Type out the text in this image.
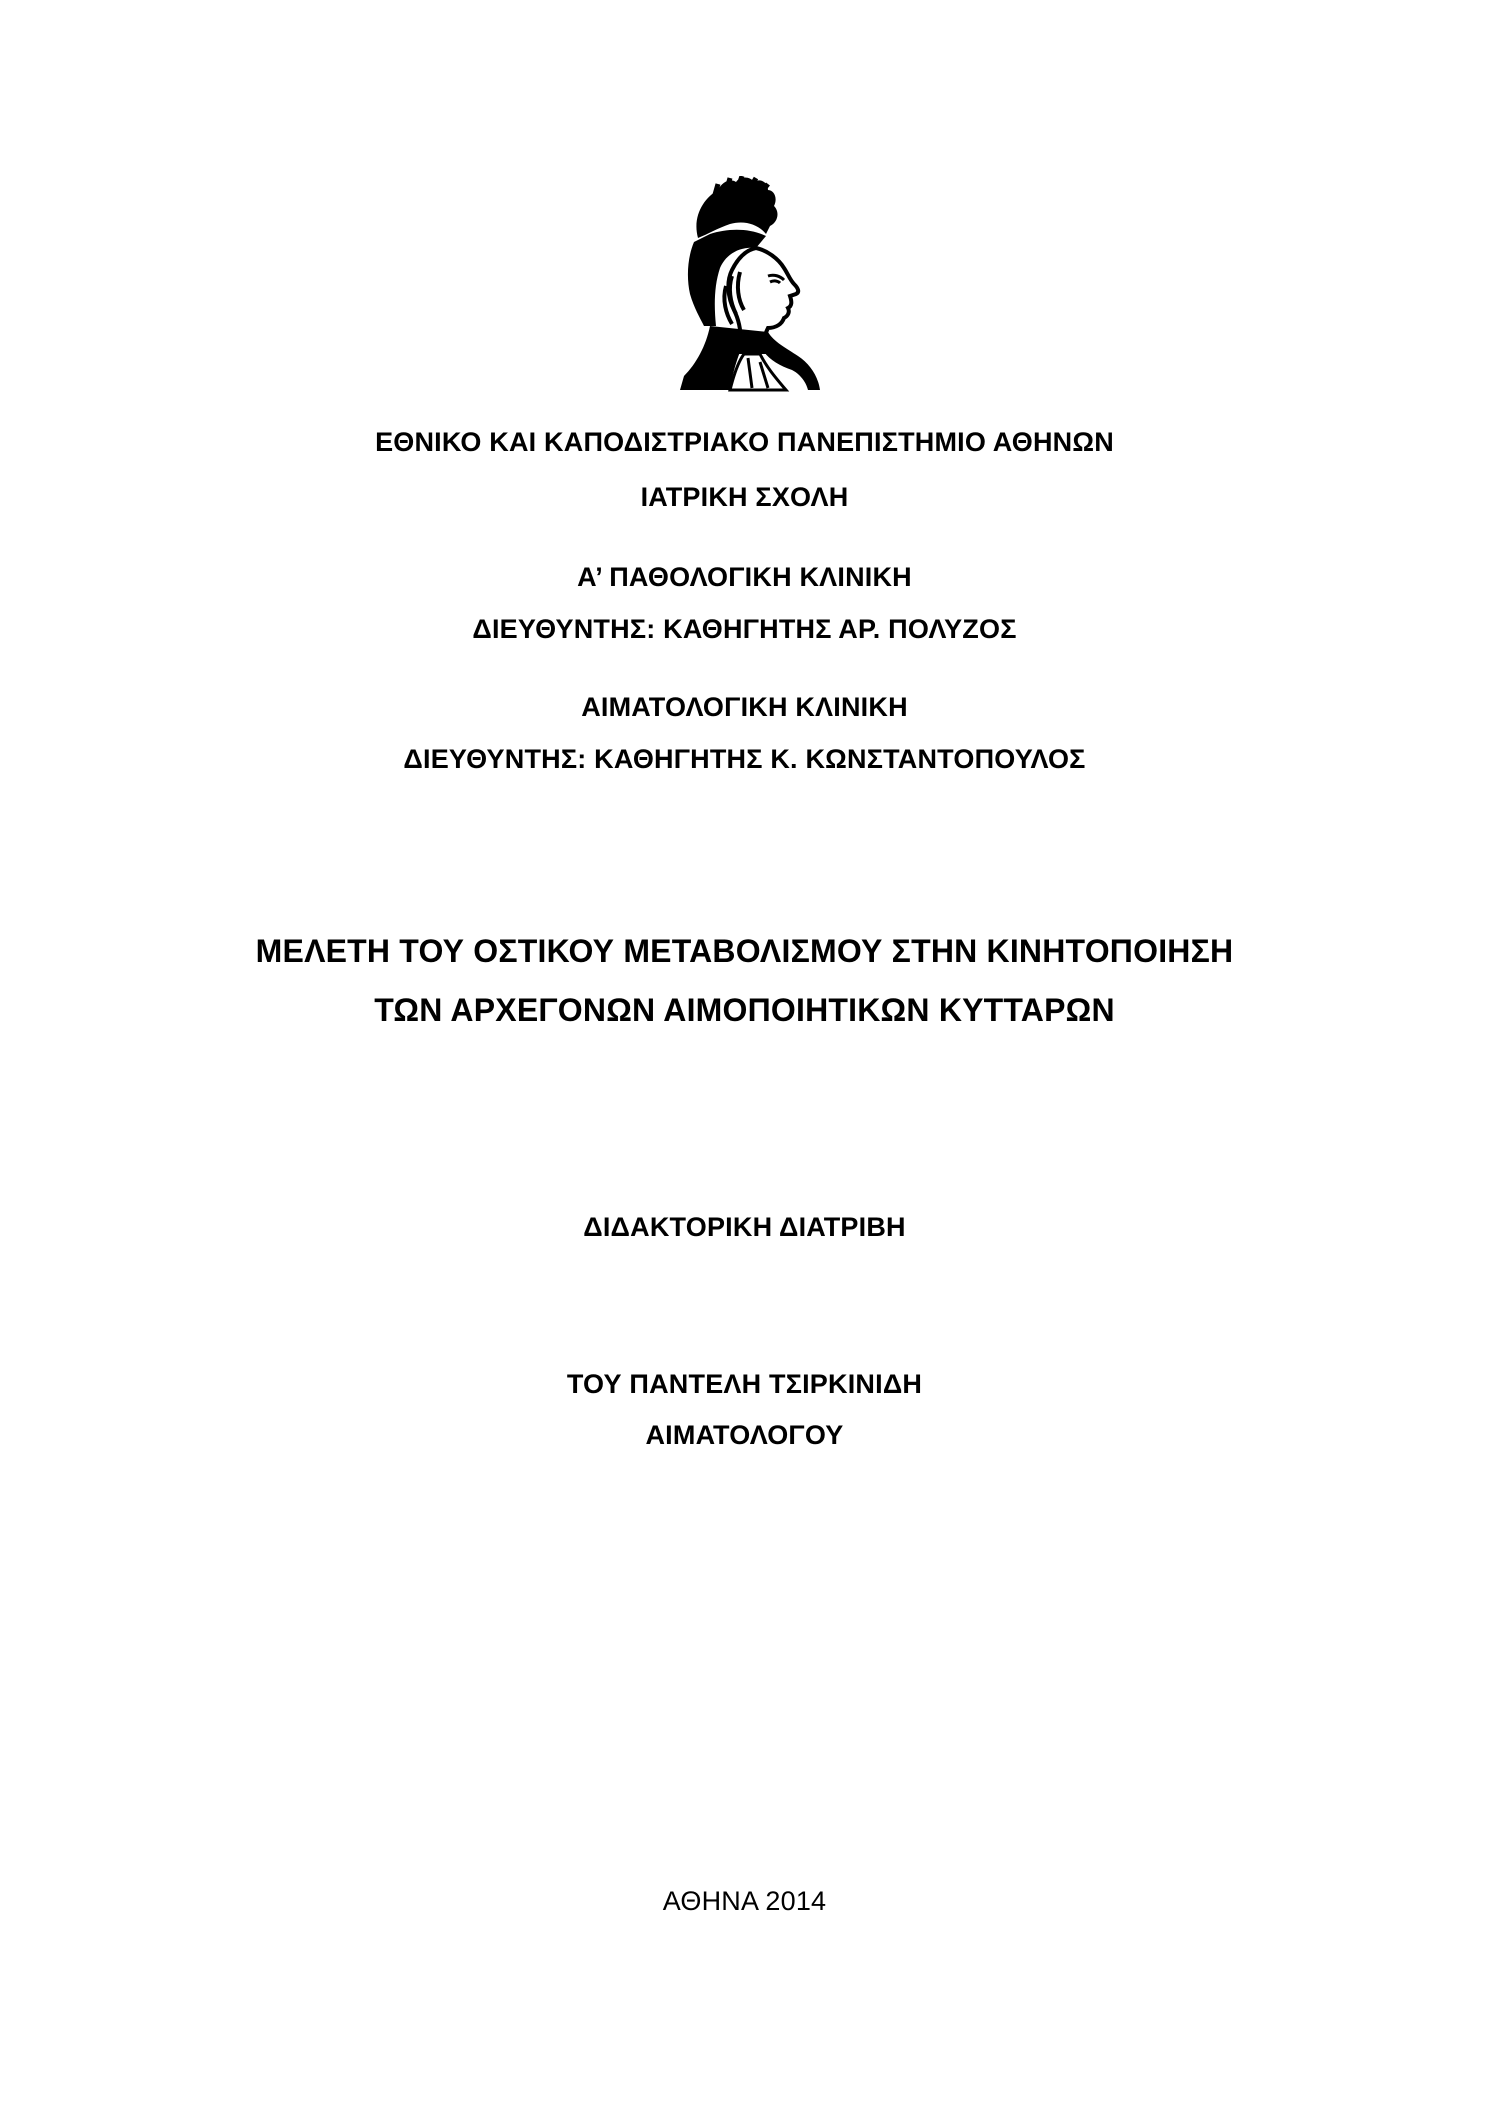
ΕΘΝΙΚΟ ΚΑΙ ΚΑΠΟΔΙΣΤΡΙΑΚΟ ΠΑΝΕΠΙΣΤΗΜΙΟ ΑΘΗΝΩΝ
ΙΑΤΡΙΚΗ ΣΧΟΛΗ
Α’ ΠΑΘΟΛΟΓΙΚΗ ΚΛΙΝΙΚΗ
ΔΙΕΥΘΥΝΤΗΣ: ΚΑΘΗΓΗΤΗΣ ΑΡ. ΠΟΛΥΖΟΣ
ΑΙΜΑΤΟΛΟΓΙΚΗ ΚΛΙΝΙΚΗ
ΔΙΕΥΘΥΝΤΗΣ: ΚΑΘΗΓΗΤΗΣ Κ. ΚΩΝΣΤΑΝΤΟΠΟΥΛΟΣ
ΜΕΛΕΤΗ ΤΟΥ ΟΣΤΙΚΟΥ ΜΕΤΑΒΟΛΙΣΜΟΥ ΣΤΗΝ ΚΙΝΗΤΟΠΟΙΗΣΗ
ΤΩΝ ΑΡΧΕΓΟΝΩΝ ΑΙΜΟΠΟΙΗΤΙΚΩΝ ΚΥΤΤΑΡΩΝ
ΔΙΔΑΚΤΟΡΙΚΗ ΔΙΑΤΡΙΒΗ
ΤΟΥ ΠΑΝΤΕΛΗ ΤΣΙΡΚΙΝΙΔΗ
ΑΙΜΑΤΟΛΟΓΟΥ
ΑΘΗΝΑ 2014
